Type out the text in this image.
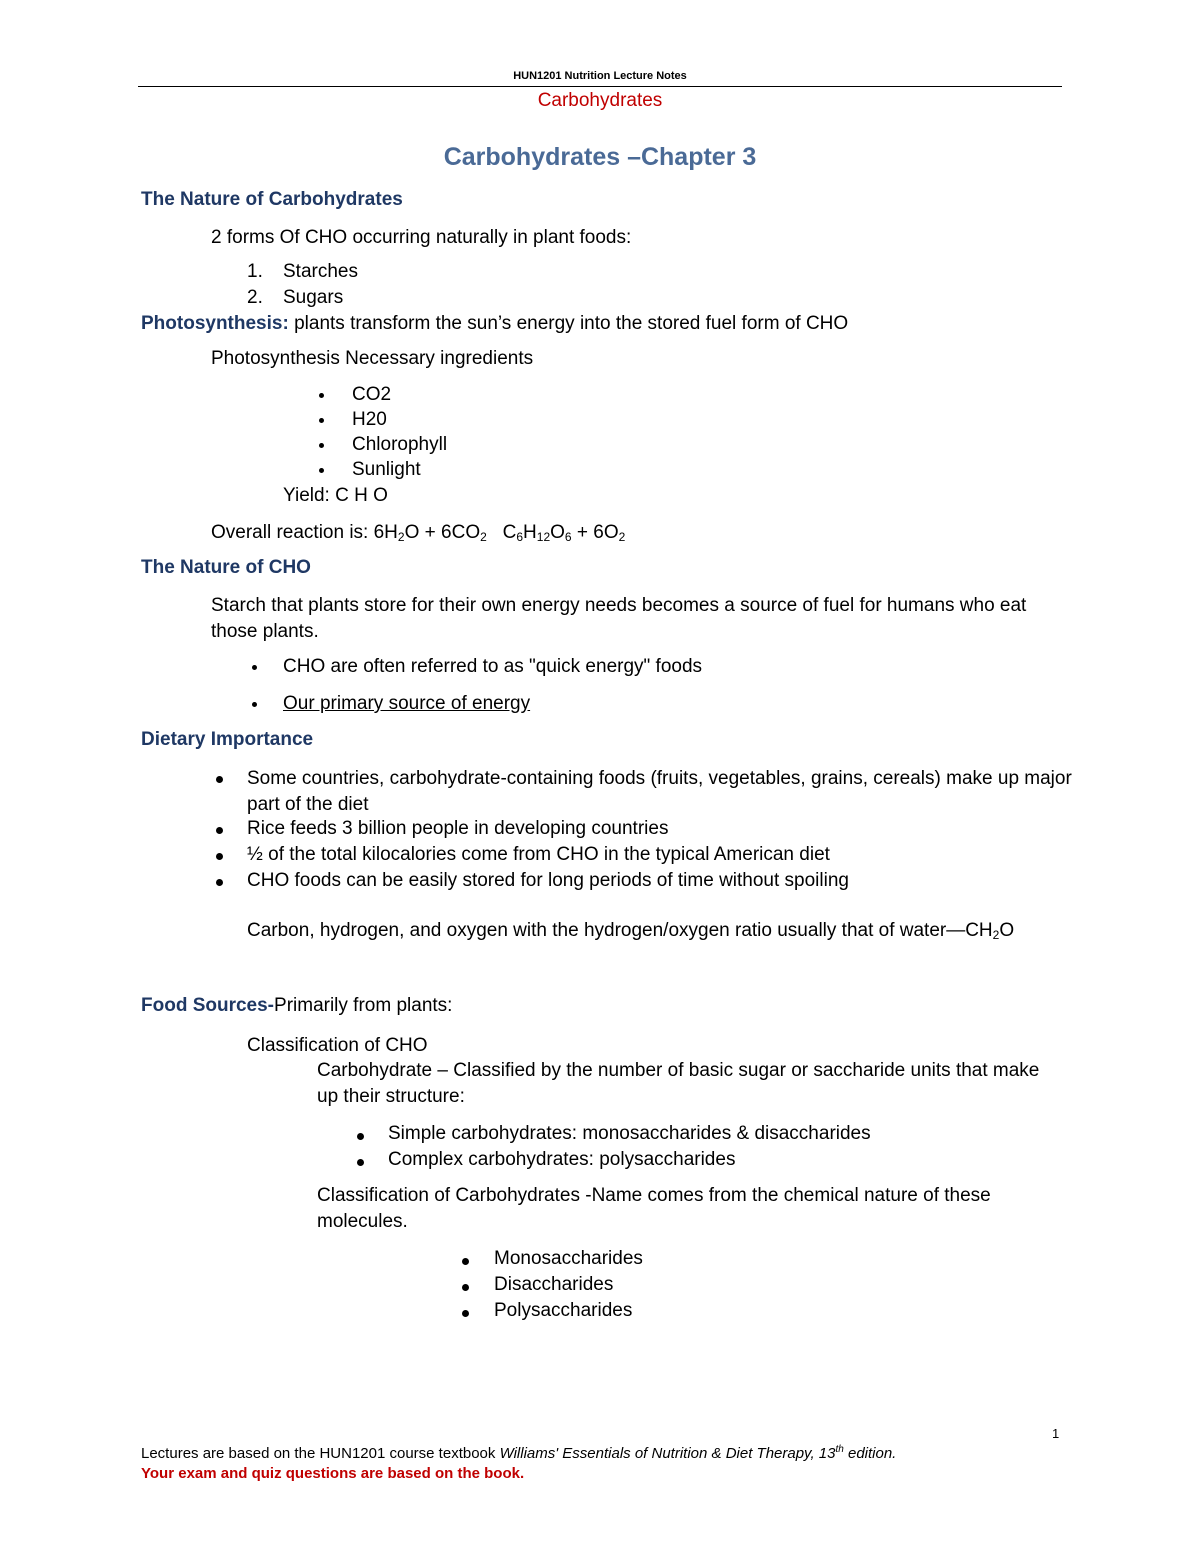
HUN1201 Nutrition Lecture Notes
Carbohydrates
Carbohydrates –Chapter 3
The Nature of Carbohydrates
2 forms Of CHO occurring naturally in plant foods:
1. Starches
2. Sugars
Photosynthesis: plants transform the sun’s energy into the stored fuel form of CHO
Photosynthesis Necessary ingredients
CO2
H20
Chlorophyll
Sunlight
Yield: C H O
Overall reaction is: $6H_2O + 6CO_2$   $C_6H_{12}O_6 + 6O_2$
The Nature of CHO
Starch that plants store for their own energy needs becomes a source of fuel for humans who eat those plants.
CHO are often referred to as "quick energy" foods
Our primary source of energy
Dietary Importance
Some countries, carbohydrate-containing foods (fruits, vegetables, grains, cereals) make up major part of the diet
Rice feeds 3 billion people in developing countries
½ of the total kilocalories come from CHO in the typical American diet
CHO foods can be easily stored for long periods of time without spoiling
Carbon, hydrogen, and oxygen with the hydrogen/oxygen ratio usually that of $water—CH_2O$
Food Sources-Primarily from plants:
Classification of CHO
Carbohydrate – Classified by the number of basic sugar or saccharide units that make up their structure:
Simple carbohydrates: monosaccharides & disaccharides
Complex carbohydrates: polysaccharides
Classification of Carbohydrates -Name comes from the chemical nature of these molecules.
Monosaccharides
Disaccharides
Polysaccharides
1
Lectures are based on the HUN1201 course textbook Williams' Essentials of Nutrition & Diet Therapy, 13th edition.
Your exam and quiz questions are based on the book.
